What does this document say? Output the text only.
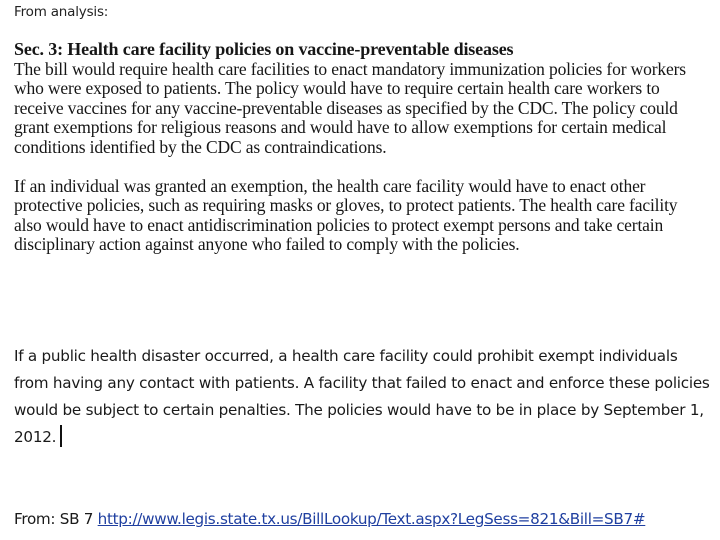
From analysis:
Sec. 3: Health care facility policies on vaccine-preventable diseases

The bill would require health care facilities to enact mandatory immunization policies for workers who were exposed to patients. The policy would have to require certain health care workers to receive vaccines for any vaccine-preventable diseases as specified by the CDC. The policy could grant exemptions for religious reasons and would have to allow exemptions for certain medical conditions identified by the CDC as contraindications.

If an individual was granted an exemption, the health care facility would have to enact other protective policies, such as requiring masks or gloves, to protect patients. The health care facility also would have to enact antidiscrimination policies to protect exempt persons and take certain disciplinary action against anyone who failed to comply with the policies.

If a public health disaster occurred, a health care facility could prohibit exempt individuals from having any contact with patients. A facility that failed to enact and enforce these policies would be subject to certain penalties. The policies would have to be in place by September 1, 2012.
From: SB 7 http://www.legis.state.tx.us/BillLookup/Text.aspx?LegSess=821&Bill=SB7#
